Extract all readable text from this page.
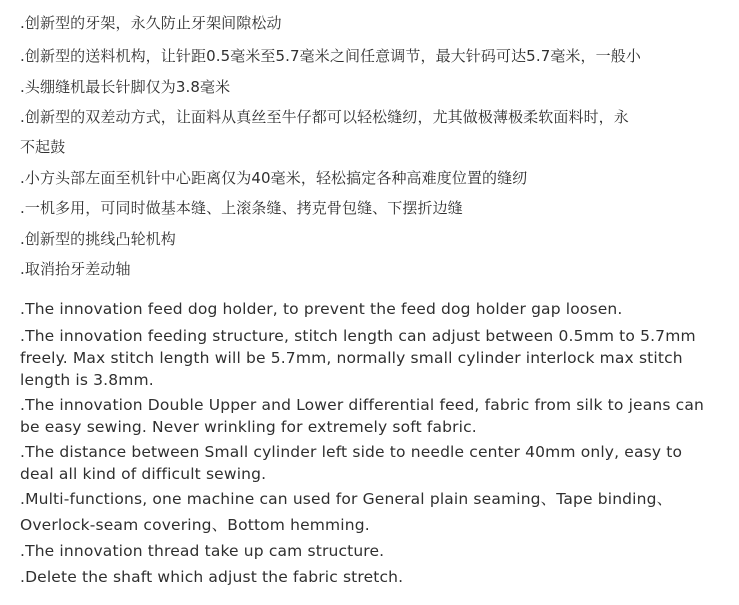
.创新型的牙架，永久防止牙架间隙松动
.创新型的送料机构，让针距0.5毫米至5.7毫米之间任意调节，最大针码可达5.7毫米，一般小
.头绷缝机最长针脚仅为3.8毫米
.创新型的双差动方式，让面料从真丝至牛仔都可以轻松缝纫，尤其做极薄极柔软面料时，永
不起鼓
.小方头部左面至机针中心距离仅为40毫米，轻松搞定各种高难度位置的缝纫
.一机多用，可同时做基本缝、上滚条缝、拷克骨包缝、下摆折边缝
.创新型的挑线凸轮机构
.取消抬牙差动轴
.The innovation feed dog holder, to prevent the feed dog holder gap loosen.
.The innovation feeding structure, stitch length can adjust between 0.5mm to 5.7mm
freely. Max stitch length will be 5.7mm, normally small cylinder interlock max stitch
length is 3.8mm.
.The innovation Double Upper and Lower differential feed, fabric from silk to jeans can
be easy sewing. Never wrinkling for extremely soft fabric.
.The distance between Small cylinder left side to needle center 40mm only, easy to
deal all kind of difficult sewing.
.Multi-functions, one machine can used for General plain seaming、Tape binding、
Overlock-seam covering、Bottom hemming.
.The innovation thread take up cam structure.
.Delete the shaft which adjust the fabric stretch.
